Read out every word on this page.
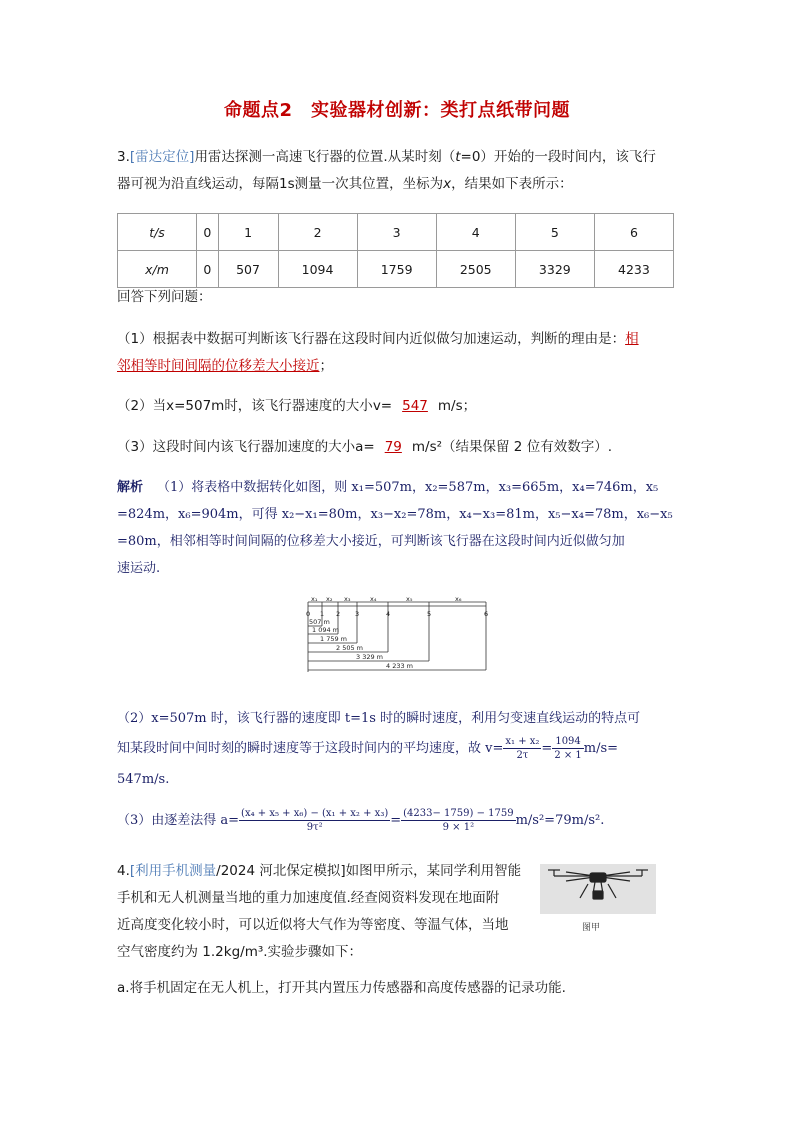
命题点2　实验器材创新：类打点纸带问题
3.[雷达定位]用雷达探测一高速飞行器的位置.从某时刻（t=0）开始的一段时间内，该飞行
器可视为沿直线运动，每隔1s测量一次其位置，坐标为x，结果如下表所示：
t/s	0	1	2	3	4	5	6
x/m	0	507	1094	1759	2505	3329	4233
回答下列问题：
（1）根据表中数据可判断该飞行器在这段时间内近似做匀加速运动，判断的理由是：相
邻相等时间间隔的位移差大小接近；
（2）当x=507m时，该飞行器速度的大小v= 547 m/s；
（3）这段时间内该飞行器加速度的大小a= 79 m/s²（结果保留 2 位有效数字）.
解析 （1）将表格中数据转化如图，则 x₁=507m，x₂=587m，x₃=665m，x₄=746m，x₅
=824m，x₆=904m，可得 x₂−x₁=80m，x₃−x₂=78m，x₄−x₃=81m，x₅−x₄=78m，x₆−x₅
=80m，相邻相等时间间隔的位移差大小接近，可判断该飞行器在这段时间内近似做匀加
速运动.
x₁ x₂ x₃	x₄	x₅	x₆
0 1 2 3	4	5	6
507 m
1 094 m
1 759 m
2 505 m
3 329 m
4 233 m
（2）x=507m 时，该飞行器的速度即 t=1s 时的瞬时速度，利用匀变速直线运动的特点可
知某段时间中间时刻的瞬时速度等于这段时间内的平均速度，故 $v= \frac{\text{x₁ + x₂}}{2\tau} = \frac{1094}{2 \times 1} m/s=$
547m/s.
（3）由逐差法得 $a= \frac{\text{(x₄ + x₅ + x₆) − (x₁ + x₂ + x₃)}}{\text{9τ²}} = \frac{(4233- 1759) - 1759}{\text{9 × 1²}} m/s^2=79m/s^2$.
4.[利用手机测量/2024 河北保定模拟]如图甲所示，某同学利用智能
手机和无人机测量当地的重力加速度值.经查阅资料发现在地面附
近高度变化较小时，可以近似将大气作为等密度、等温气体，当地
空气密度约为 1.2kg/m³.实验步骤如下：
图甲
a.将手机固定在无人机上，打开其内置压力传感器和高度传感器的记录功能.
